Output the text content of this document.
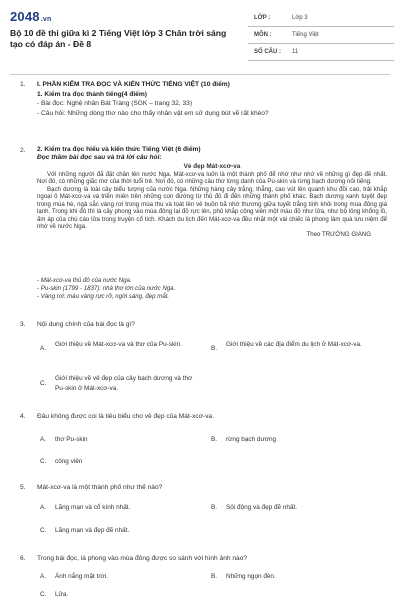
2048.vn
Bộ 10 đề thi giữa kì 2 Tiếng Việt lớp 3 Chân trời sáng tạo có đáp án - Đề 8
LỚP :	Lớp 3
MÔN :	Tiếng Việt
SỐ CÂU : 11
1.	I. PHẦN KIỂM TRA ĐỌC VÀ KIẾN THỨC TIẾNG VIỆT (10 điểm)
1. Kiểm tra đọc thành tiếng(4 điểm)
- Bài đọc: Nghệ nhân Bát Tràng (SGK – trang 32, 33)
- Câu hỏi: Những dòng thơ nào cho thấy nhân vật em sử dụng bút vẽ rất khéo?
2.	2. Kiểm tra đọc hiểu và kiến thức Tiếng Việt (6 điểm)
Đọc thầm bài đọc sau và trả lời câu hỏi:
Vẻ đẹp Mát-xcơ-va

Với những người đã đặt chân lên nước Nga, Mát-xcơ-va luôn là một thành phố để nhớ như nhớ về những gì đẹp đẽ nhất. Nơi đó, có những giấc mơ của thời tuổi trẻ. Nơi đó, có những câu thơ lừng danh của Pu-skin và rừng bạch dương nối tiếng.

Bạch dương là loài cây biểu tượng của nước Nga. Những hàng cây trắng, thẳng, cao vút lên quanh khu đồi cao, trải khắp ngoại ô Mát-xcơ-va và triền miên trên những con đường từ thủ đô đi đến những thành phố khác. Bạch dương xanh tuyệt đẹp trong mùa hè, ngả sắc vàng rơi trong mùa thu và toát lên vẻ buồn bã nhớ thương giữa tuyết trắng tinh khôi trong mùa đông giá lạnh. Trong khí đó thì lá cây phong vào mùa đông lại đỏ rực lên, phủ khắp công viên một màu đỏ như lửa, như bộ lông khổng lồ, ấm áp của chú cáo lửa trong truyện cổ tích. Khách du lịch đến Mát-xcơ-va đều nhặt một vài chiếc lá phong làm quà lưu niệm để nhớ về nước Nga.

Theo TRƯỜNG GIANG
- Mát-xcơ-va thủ đô của nước Nga.
- Pu-skin (1799 - 1837): nhà thơ lớn của nước Nga.
- Vàng rơi: màu vàng rực rỡ, ngời sáng, đẹp mắt.
3.	Nội dung chính của bài đọc là gì?
A.
Giới thiệu về Mát-xcơ-va và thơ của Pu-skin.
B.
Giới thiệu về các địa điểm du lịch ở Mát-xcơ-va.
C.
Giới thiệu về vẻ đẹp của cây bạch dương và thơ Pu-skin ở Mát-xcơ-va.
4.	Đâu không được coi là tiêu biểu cho vẻ đẹp của Mát-xcơ-va.
A. thơ Pu-skin	B. rừng bạch dương
C. công viên
5.	Mát-xcơ-va là một thành phố như thế nào?
A. Lãng mạn và cổ kính nhất.	B. Sôi động và đẹp đẽ nhất.
C. Lãng mạn và đẹp đẽ nhất.
6.	Trong bài đọc, lá phong vào mùa đông được so sánh với hình ảnh nào?
A. Ánh nắng mặt trời.	B. Những ngọn đèn.
C. Lửa.
